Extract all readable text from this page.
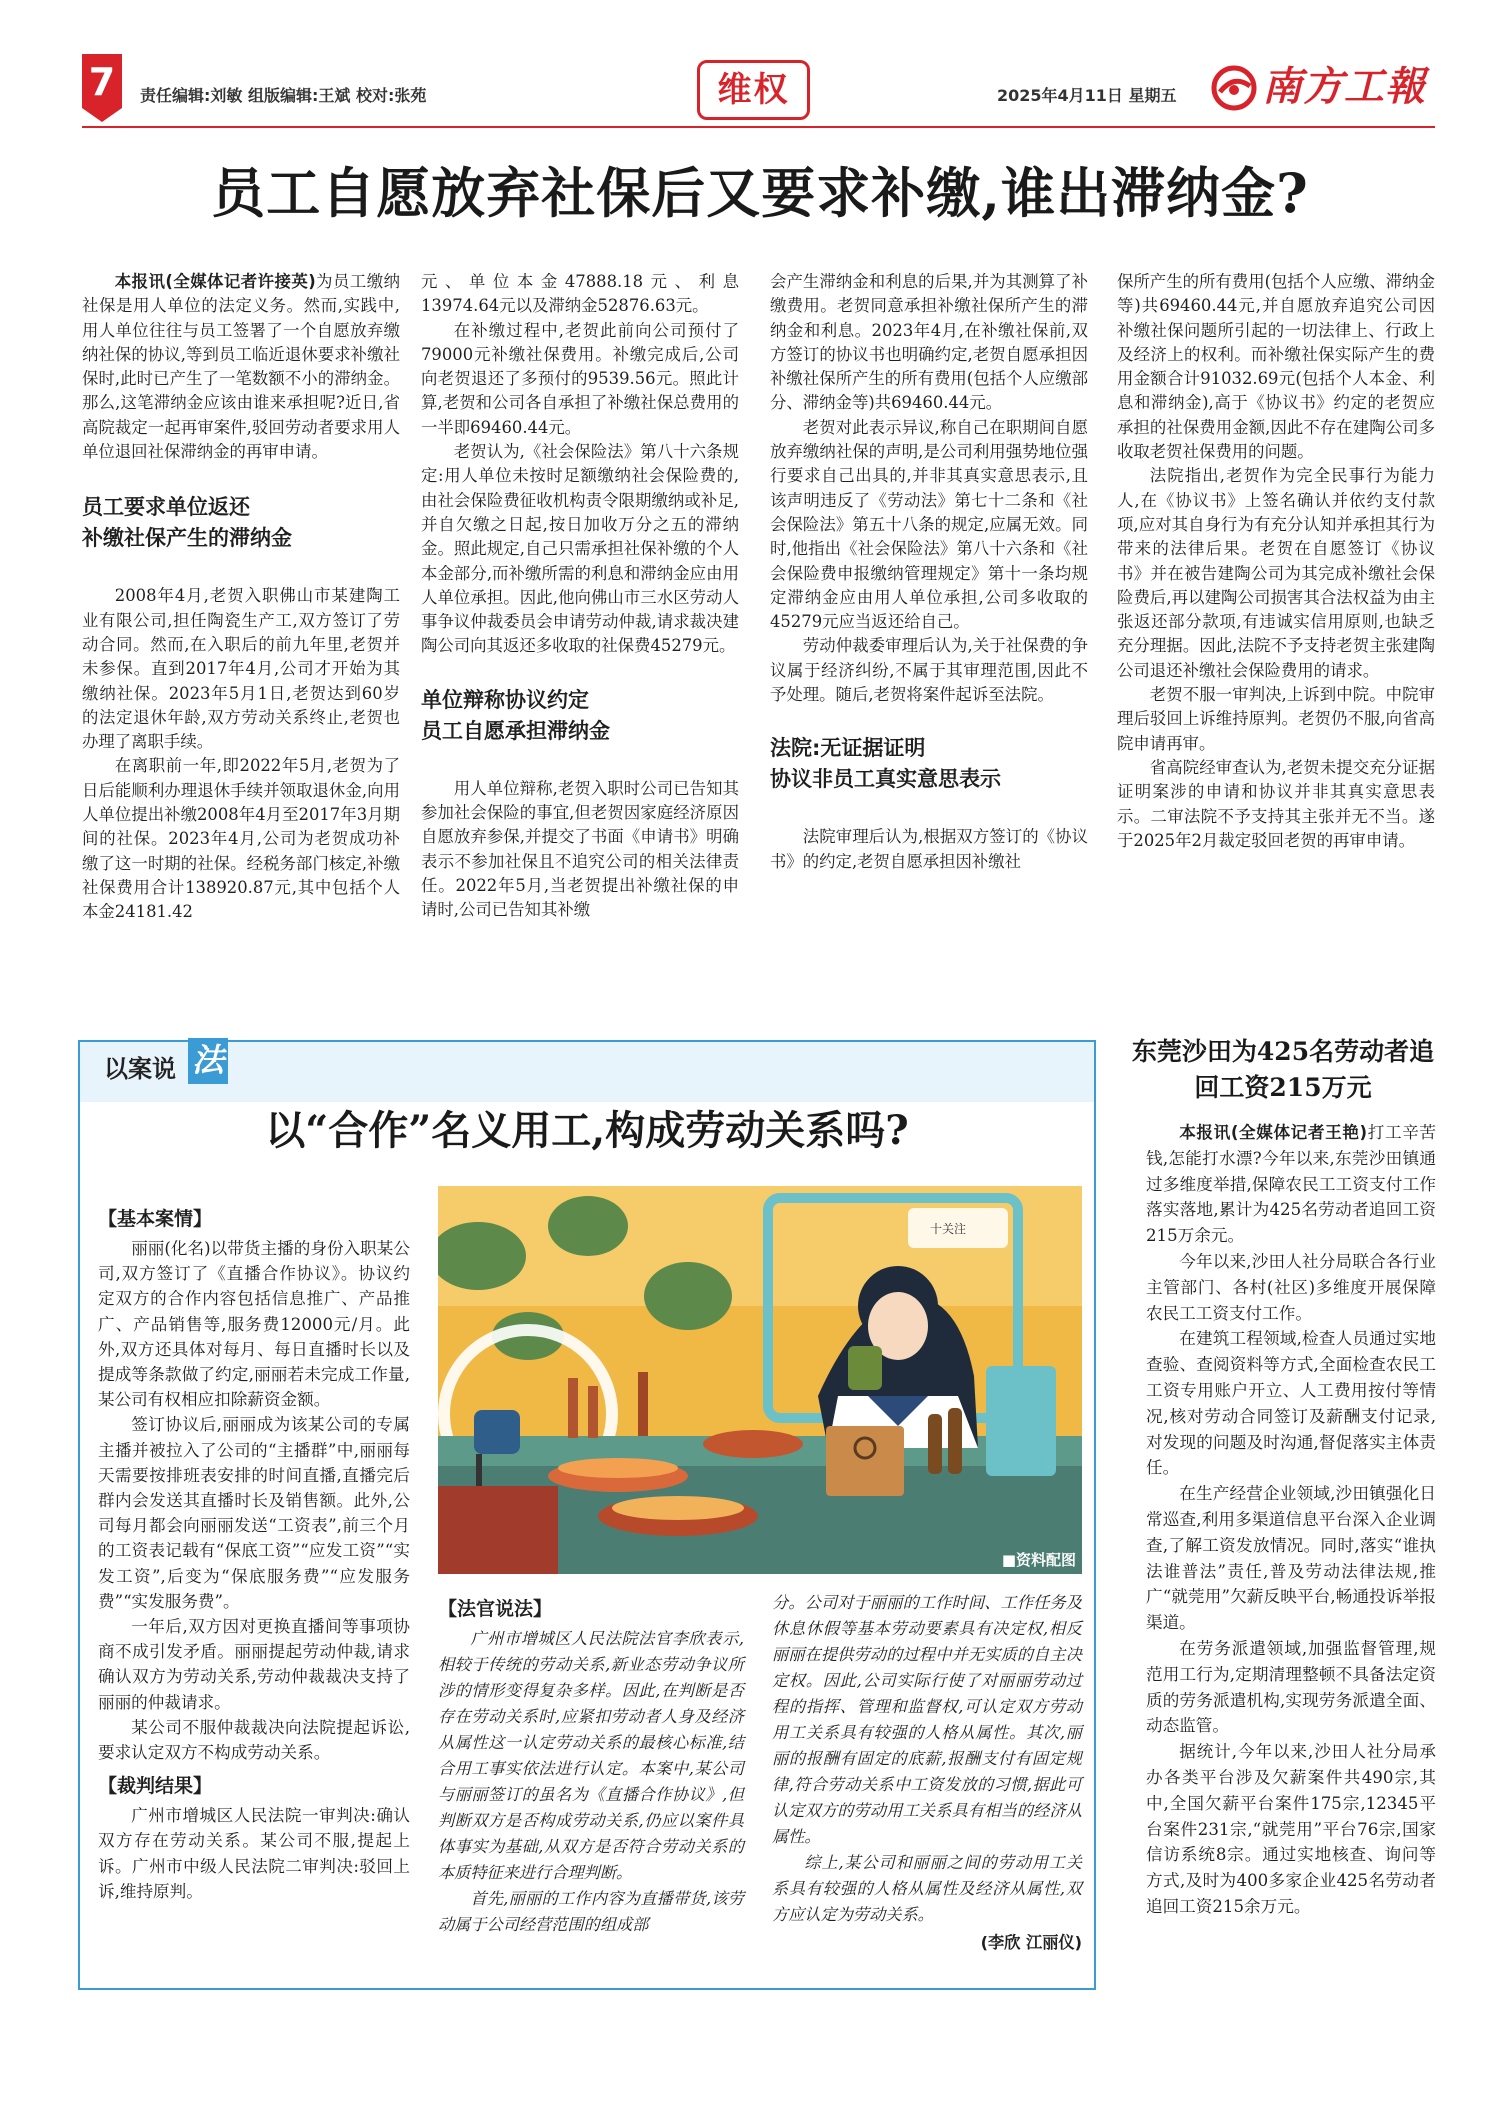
7	责任编辑:刘敏 组版编辑:王斌 校对:张苑	维权	2025年4月11日 星期五 南方工報
员工自愿放弃社保后又要求补缴,谁出滞纳金?

本报讯(全媒体记者许接英)为员工缴纳社保是用人单位的法定义务。然而,实践中,用人单位往往与员工签署了一个自愿放弃缴纳社保的协议,等到员工临近退休要求补缴社保时,此时已产生了一笔数额不小的滞纳金。那么,这笔滞纳金应该由谁来承担呢?近日,省高院裁定一起再审案件,驳回劳动者要求用人单位退回社保滞纳金的再审申请。

员工要求单位返还
补缴社保产生的滞纳金

2008年4月,老贺入职佛山市某建陶工业有限公司,担任陶瓷生产工,双方签订了劳动合同。然而,在入职后的前九年里,老贺并未参保。直到2017年4月,公司才开始为其缴纳社保。2023年5月1日,老贺达到60岁的法定退休年龄,双方劳动关系终止,老贺也办理了离职手续。

在离职前一年,即2022年5月,老贺为了日后能顺利办理退休手续并领取退休金,向用人单位提出补缴2008年4月至2017年3月期间的社保。2023年4月,公司为老贺成功补缴了这一时期的社保。经税务部门核定,补缴社保费用合计138920.87元,其中包括个人本金24181.42

元、单位本金47888.18元、利息13974.64元以及滞纳金52876.63元。

在补缴过程中,老贺此前向公司预付了79000元补缴社保费用。补缴完成后,公司向老贺退还了多预付的9539.56元。照此计算,老贺和公司各自承担了补缴社保总费用的一半即69460.44元。

老贺认为,《社会保险法》第八十六条规定:用人单位未按时足额缴纳社会保险费的,由社会保险费征收机构责令限期缴纳或补足,并自欠缴之日起,按日加收万分之五的滞纳金。照此规定,自己只需承担社保补缴的个人本金部分,而补缴所需的利息和滞纳金应由用人单位承担。因此,他向佛山市三水区劳动人事争议仲裁委员会申请劳动仲裁,请求裁决建陶公司向其返还多收取的社保费45279元。

单位辩称协议约定
员工自愿承担滞纳金

用人单位辩称,老贺入职时公司已告知其参加社会保险的事宜,但老贺因家庭经济原因自愿放弃参保,并提交了书面《申请书》明确表示不参加社保且不追究公司的相关法律责任。2022年5月,当老贺提出补缴社保的申请时,公司已告知其补缴

会产生滞纳金和利息的后果,并为其测算了补缴费用。老贺同意承担补缴社保所产生的滞纳金和利息。2023年4月,在补缴社保前,双方签订的协议书也明确约定,老贺自愿承担因补缴社保所产生的所有费用(包括个人应缴部分、滞纳金等)共69460.44元。

老贺对此表示异议,称自己在职期间自愿放弃缴纳社保的声明,是公司利用强势地位强行要求自己出具的,并非其真实意思表示,且该声明违反了《劳动法》第七十二条和《社会保险法》第五十八条的规定,应属无效。同时,他指出《社会保险法》第八十六条和《社会保险费申报缴纳管理规定》第十一条均规定滞纳金应由用人单位承担,公司多收取的45279元应当返还给自己。

劳动仲裁委审理后认为,关于社保费的争议属于经济纠纷,不属于其审理范围,因此不予处理。随后,老贺将案件起诉至法院。

法院:无证据证明
协议非员工真实意思表示

法院审理后认为,根据双方签订的《协议书》的约定,老贺自愿承担因补缴社

保所产生的所有费用(包括个人应缴、滞纳金等)共69460.44元,并自愿放弃追究公司因补缴社保问题所引起的一切法律上、行政上及经济上的权利。而补缴社保实际产生的费用金额合计91032.69元(包括个人本金、利息和滞纳金),高于《协议书》约定的老贺应承担的社保费用金额,因此不存在建陶公司多收取老贺社保费用的问题。

法院指出,老贺作为完全民事行为能力人,在《协议书》上签名确认并依约支付款项,应对其自身行为有充分认知并承担其行为带来的法律后果。老贺在自愿签订《协议书》并在被告建陶公司为其完成补缴社会保险费后,再以建陶公司损害其合法权益为由主张返还部分款项,有违诚实信用原则,也缺乏充分理据。因此,法院不予支持老贺主张建陶公司退还补缴社会保险费用的请求。

老贺不服一审判决,上诉到中院。中院审理后驳回上诉维持原判。老贺仍不服,向省高院申请再审。

省高院经审查认为,老贺未提交充分证据证明案涉的申请和协议并非其真实意思表示。二审法院不予支持其主张并无不当。遂于2025年2月裁定驳回老贺的再审申请。

以案说 法
以“合作”名义用工,构成劳动关系吗?
【基本案情】

丽丽(化名)以带货主播的身份入职某公司,双方签订了《直播合作协议》。协议约定双方的合作内容包括信息推广、产品推广、产品销售等,服务费12000元/月。此外,双方还具体对每月、每日直播时长以及提成等条款做了约定,丽丽若未完成工作量,某公司有权相应扣除薪资金额。

签订协议后,丽丽成为该某公司的专属主播并被拉入了公司的“主播群”中,丽丽每天需要按排班表安排的时间直播,直播完后群内会发送其直播时长及销售额。此外,公司每月都会向丽丽发送“工资表”,前三个月的工资表记载有“保底工资”“应发工资”“实发工资”,后变为“保底服务费”“应发服务费”“实发服务费”。

一年后,双方因对更换直播间等事项协商不成引发矛盾。丽丽提起劳动仲裁,请求确认双方为劳动关系,劳动仲裁裁决支持了丽丽的仲裁请求。

某公司不服仲裁裁决向法院提起诉讼,要求认定双方不构成劳动关系。

【裁判结果】

广州市增城区人民法院一审判决:确认双方存在劳动关系。某公司不服,提起上诉。广州市中级人民法院二审判决:驳回上诉,维持原判。

十关注
■资料配图
【法官说法】

广州市增城区人民法院法官李欣表示,相较于传统的劳动关系,新业态劳动争议所涉的情形变得复杂多样。因此,在判断是否存在劳动关系时,应紧扣劳动者人身及经济从属性这一认定劳动关系的最核心标准,结合用工事实依法进行认定。本案中,某公司与丽丽签订的虽名为《直播合作协议》,但判断双方是否构成劳动关系,仍应以案件具体事实为基础,从双方是否符合劳动关系的本质特征来进行合理判断。

首先,丽丽的工作内容为直播带货,该劳动属于公司经营范围的组成部

分。公司对于丽丽的工作时间、工作任务及休息休假等基本劳动要素具有决定权,相反丽丽在提供劳动的过程中并无实质的自主决定权。因此,公司实际行使了对丽丽劳动过程的指挥、管理和监督权,可认定双方劳动用工关系具有较强的人格从属性。其次,丽丽的报酬有固定的底薪,报酬支付有固定规律,符合劳动关系中工资发放的习惯,据此可认定双方的劳动用工关系具有相当的经济从属性。

综上,某公司和丽丽之间的劳动用工关系具有较强的人格从属性及经济从属性,双方应认定为劳动关系。

(李欣 江丽仪)

东莞沙田为425名劳动者追回工资215万元

本报讯(全媒体记者王艳)打工辛苦钱,怎能打水漂?今年以来,东莞沙田镇通过多维度举措,保障农民工工资支付工作落实落地,累计为425名劳动者追回工资215万余元。

今年以来,沙田人社分局联合各行业主管部门、各村(社区)多维度开展保障农民工工资支付工作。

在建筑工程领域,检查人员通过实地查验、查阅资料等方式,全面检查农民工工资专用账户开立、人工费用按付等情况,核对劳动合同签订及薪酬支付记录,对发现的问题及时沟通,督促落实主体责任。

在生产经营企业领域,沙田镇强化日常巡查,利用多渠道信息平台深入企业调查,了解工资发放情况。同时,落实“谁执法谁普法”责任,普及劳动法律法规,推广“就莞用”欠薪反映平台,畅通投诉举报渠道。

在劳务派遣领域,加强监督管理,规范用工行为,定期清理整顿不具备法定资质的劳务派遣机构,实现劳务派遣全面、动态监管。

据统计,今年以来,沙田人社分局承办各类平台涉及欠薪案件共490宗,其中,全国欠薪平台案件175宗,12345平台案件231宗,“就莞用”平台76宗,国家信访系统8宗。通过实地核查、询问等方式,及时为400多家企业425名劳动者追回工资215余万元。
